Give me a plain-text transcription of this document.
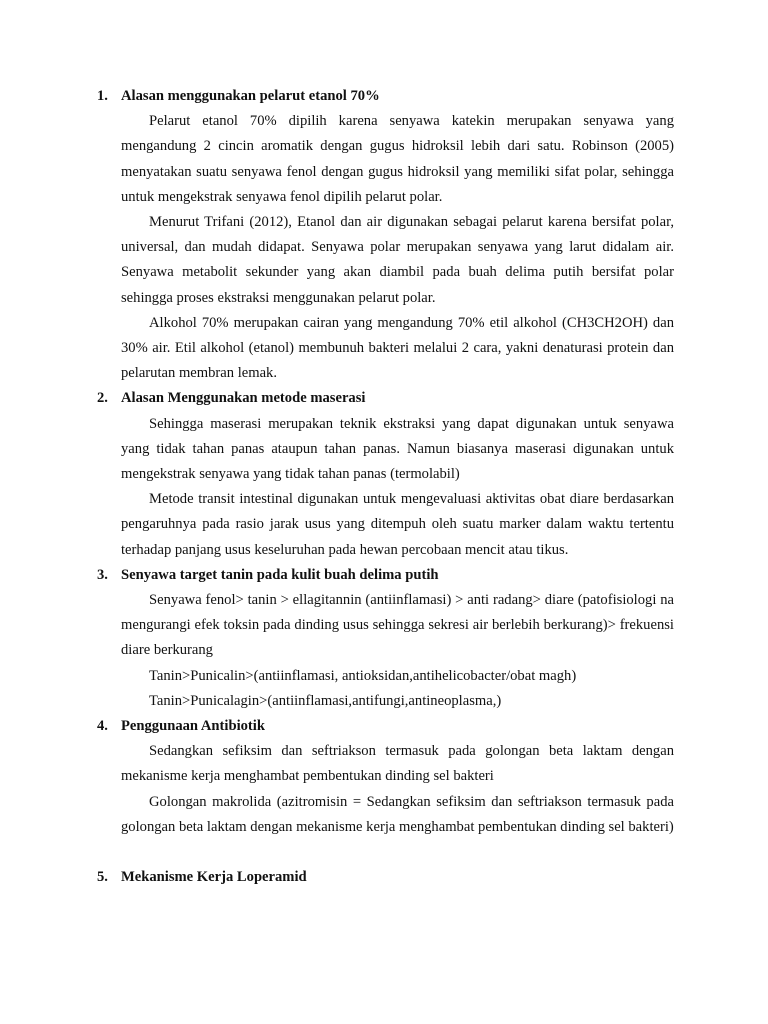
1. Alasan menggunakan pelarut etanol 70%

Pelarut etanol 70% dipilih karena senyawa katekin merupakan senyawa yang mengandung 2 cincin aromatik dengan gugus hidroksil lebih dari satu. Robinson (2005) menyatakan suatu senyawa fenol dengan gugus hidroksil yang memiliki sifat polar, sehingga untuk mengekstrak senyawa fenol dipilih pelarut polar.

Menurut Trifani (2012), Etanol dan air digunakan sebagai pelarut karena bersifat polar, universal, dan mudah didapat. Senyawa polar merupakan senyawa yang larut didalam air. Senyawa metabolit sekunder yang akan diambil pada buah delima putih bersifat polar sehingga proses ekstraksi menggunakan pelarut polar.

Alkohol 70% merupakan cairan yang mengandung 70% etil alkohol (CH3CH2OH) dan 30% air. Etil alkohol (etanol) membunuh bakteri melalui 2 cara, yakni denaturasi protein dan pelarutan membran lemak.

2. Alasan Menggunakan metode maserasi

Sehingga maserasi merupakan teknik ekstraksi yang dapat digunakan untuk senyawa yang tidak tahan panas ataupun tahan panas. Namun biasanya maserasi digunakan untuk mengekstrak senyawa yang tidak tahan panas (termolabil)

Metode transit intestinal digunakan untuk mengevaluasi aktivitas obat diare berdasarkan pengaruhnya pada rasio jarak usus yang ditempuh oleh suatu marker dalam waktu tertentu terhadap panjang usus keseluruhan pada hewan percobaan mencit atau tikus.

3. Senyawa target tanin pada kulit buah delima putih

Senyawa fenol> tanin > ellagitannin (antiinflamasi) > anti radang> diare (patofisiologi na mengurangi efek toksin pada dinding usus sehingga sekresi air berlebih berkurang)> frekuensi diare berkurang

Tanin>Punicalin>(antiinflamasi, antioksidan,antihelicobacter/obat magh)

Tanin>Punicalagin>(antiinflamasi,antifungi,antineoplasma,)

4. Penggunaan Antibiotik

Sedangkan sefiksim dan seftriakson termasuk pada golongan beta laktam dengan mekanisme kerja menghambat pembentukan dinding sel bakteri

Golongan makrolida (azitromisin = Sedangkan sefiksim dan seftriakson termasuk pada golongan beta laktam dengan mekanisme kerja menghambat pembentukan dinding sel bakteri)

5. Mekanisme Kerja Loperamid
